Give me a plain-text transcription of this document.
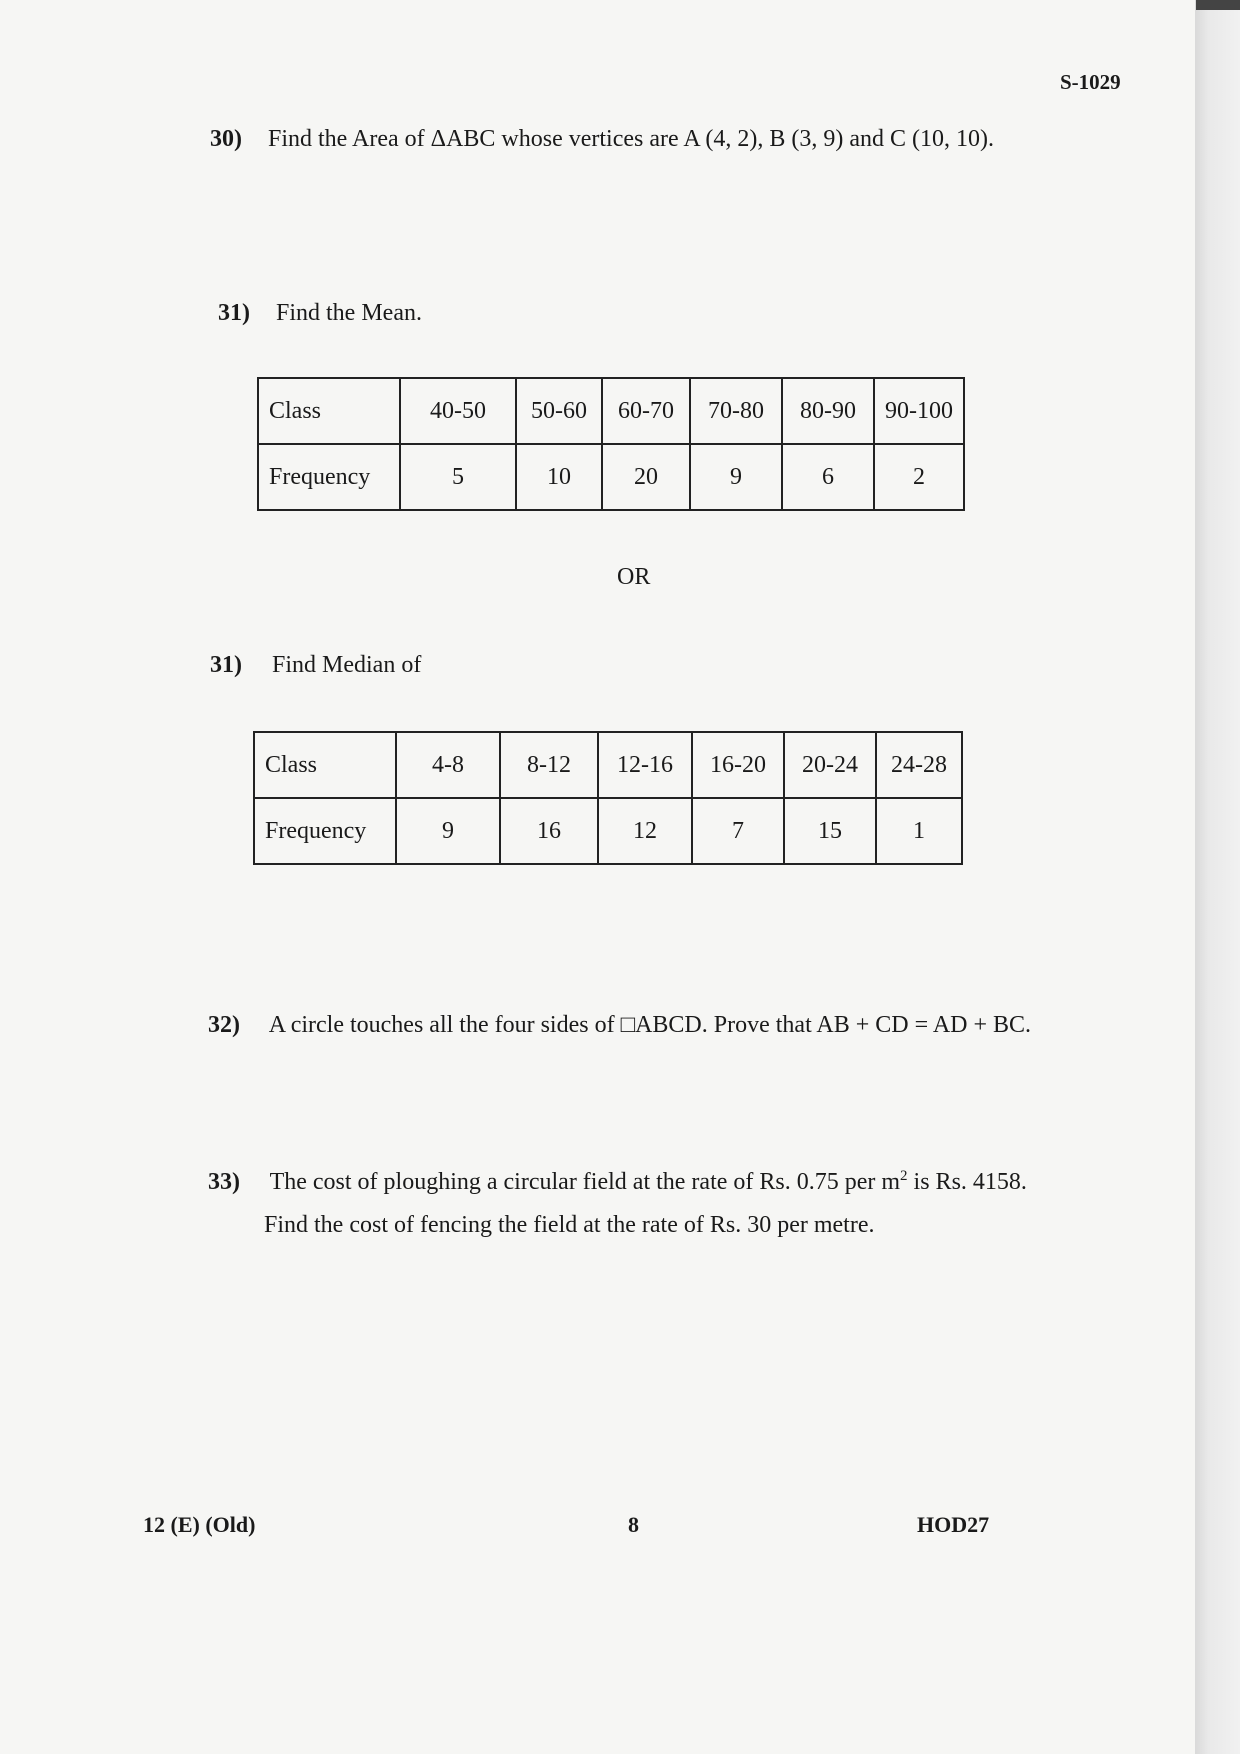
S-1029
30) Find the Area of ΔABC whose vertices are A (4, 2), B (3, 9) and C (10, 10).
31) Find the Mean.
Class	40-50	50-60	60-70	70-80	80-90	90-100
Frequency	5	10	20	9	6	2
OR
31) Find Median of
Class	4-8	8-12	12-16	16-20	20-24	24-28
Frequency	9	16	12	7	15	1
32) A circle touches all the four sides of □ABCD. Prove that AB + CD = AD + BC.
33) The cost of ploughing a circular field at the rate of Rs. 0.75 per $m^2$ is Rs. 4158.
Find the cost of fencing the field at the rate of Rs. 30 per metre.
12 (E) (Old)	8	HOD27
